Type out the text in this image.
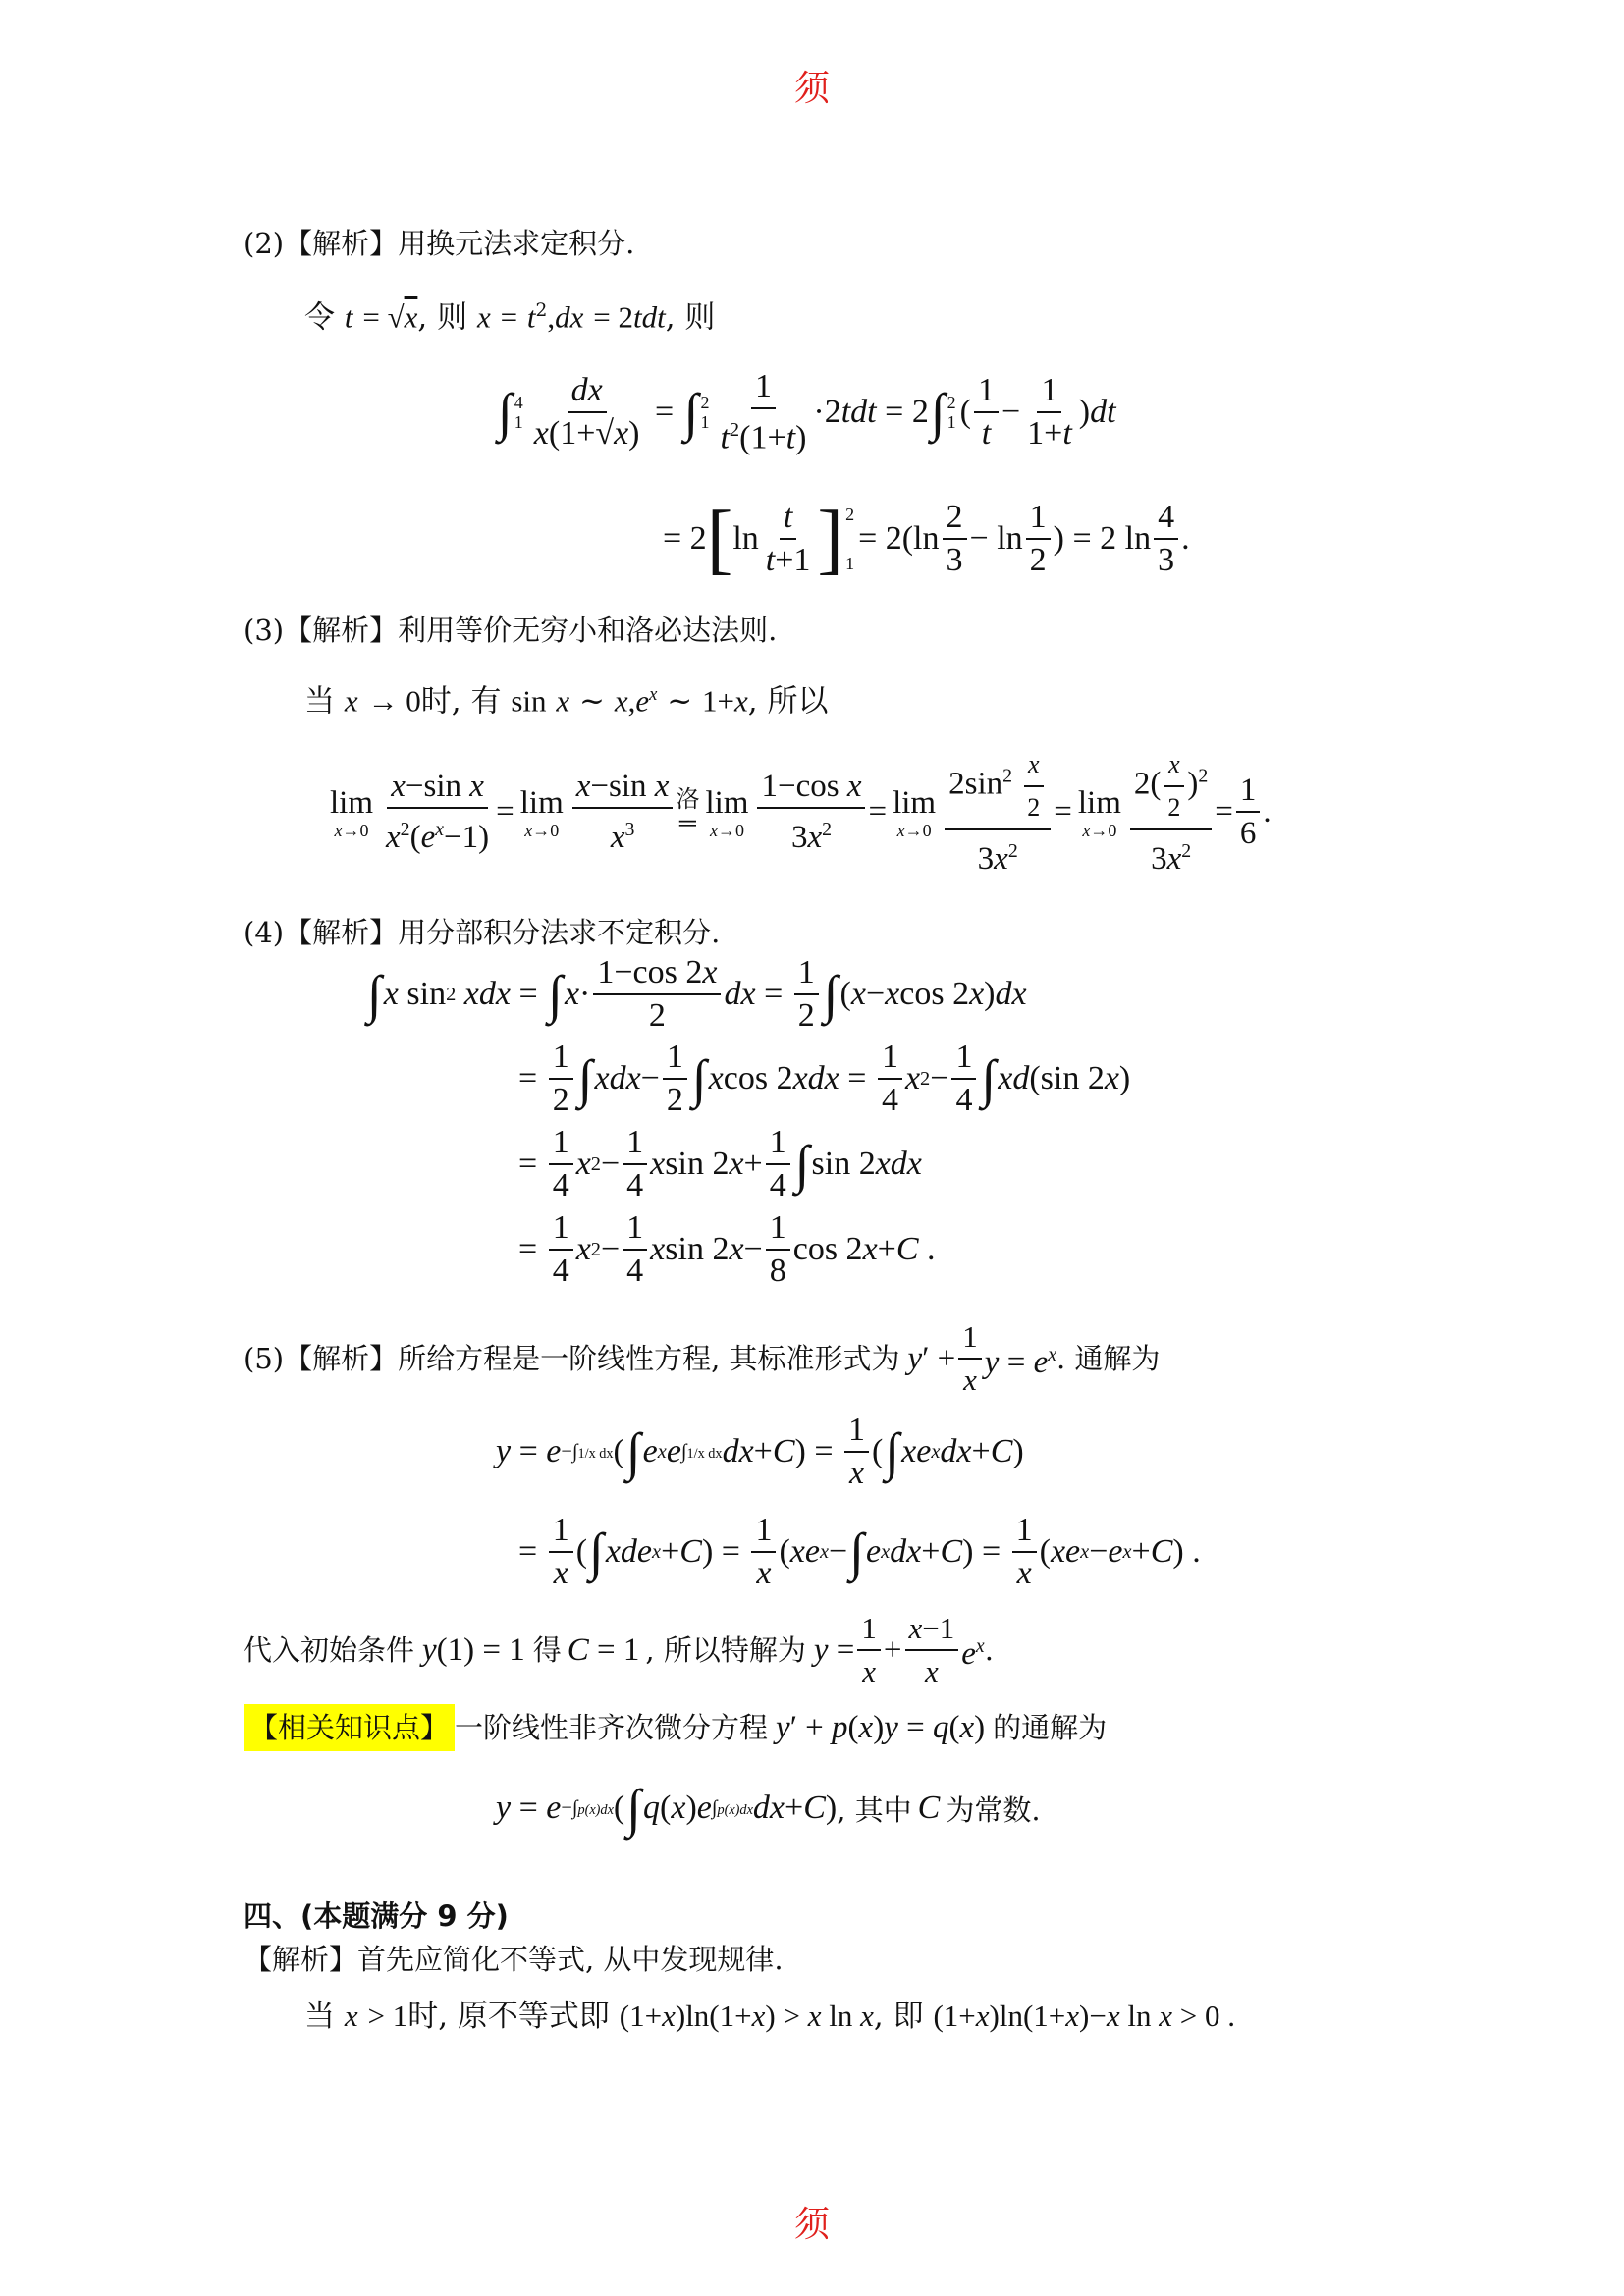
须
(2)【解析】用换元法求定积分.
令 t = √x, 则 $x = t^2,dx = 2tdt$, 则
∫ 4
$1 \frac{dx}{x(1+√x)}$ = ∫ 2
$1 \frac{1}{t^2(1+t)} \cdot 2tdt = 2$ ∫ 2
1 ( $\frac{1}{t} - \frac{1}{1+t} )dt$
= 2 [ $\ln \frac{t}{t+1}$ ] 2
1
= $2(\ln \frac{2}{3} - \ln \frac{1}{2}$ ) = 2 $\ln \frac{4}{3}$ .
(3)【解析】利用等价无穷小和洛必达法则.
当 x → 0时, 有 sin x ~ $x,e^x$ ~ 1+x, 所以
lim
$x\to 0 \frac{\text{x−sin x}}{x^2(e^x-1)} = \lim$
$x\to 0 \frac{\text{x−sin x}}{x^3}$ 洛
═
lim
$x\to 0 \frac{\text{1−cos x}}{3x^2} = \lim$
$x\to 0 \frac{2\sin^2 \frac{x}{2}}{3x^2} = \lim$
$x\to 0 \frac{2( \frac{x}{2} )^2}{3x^2} = \frac{1}{6}$ .
(4)【解析】用分部积分法求不定积分.
∫ x sin 2
xdx = ∫ $x \cdot \frac{1-\cos 2x}{2}$ dx = $\frac{1}{2}$ ∫ ( x − x cos 2 x ) dx
= $\frac{1}{2}$ ∫ xdx − $\frac{1}{2}$ ∫ x cos 2 xdx = $\frac{1}{4}$ x $2 - \frac{1}{4}$ ∫ xd (sin 2 x )
= $\frac{1}{4}$ x $2 - \frac{1}{4}$ x sin 2 $x + \frac{1}{4}$ ∫ sin 2 xdx
= $\frac{1}{4}$ x $2 - \frac{1}{4}$ x sin 2 $x - \frac{1}{8}$ cos 2 x + C .
(5)【解析】所给方程是一阶线性方程, 其标准形式为 $y' + \frac{1}{x}$ $y = e^x$ . 通解为
y = e −∫1/x dx ( ∫ e x e ∫1/x dx dx + C ) = $\frac{1}{x}$ ( ∫ xe x dx + C )
= $\frac{1}{x}$ ( ∫ xde x + C ) = $\frac{1}{x}$ ( xe x − ∫ e x dx + C ) = $\frac{1}{x}$ ( xe x − e x + C ) .
代入初始条件 y(1) = 1 得 C = 1 , 所以特解为 $y = \frac{1}{x} + \frac{x-1}{x} e^x$ .
【相关知识点】 一阶线性非齐次微分方程 y′ + p(x)y = q(x) 的通解为
y = e −∫p(x)dx ( ∫ q ( x ) e ∫p(x)dx dx + C ) , 其中 C 为常数.
四、(本题满分 9 分)
【解析】首先应简化不等式, 从中发现规律.
当 x > 1时, 原不等式即 (1+x)ln(1+x) > x ln x, 即 (1+x)ln(1+x)−x ln x > 0 .
须
